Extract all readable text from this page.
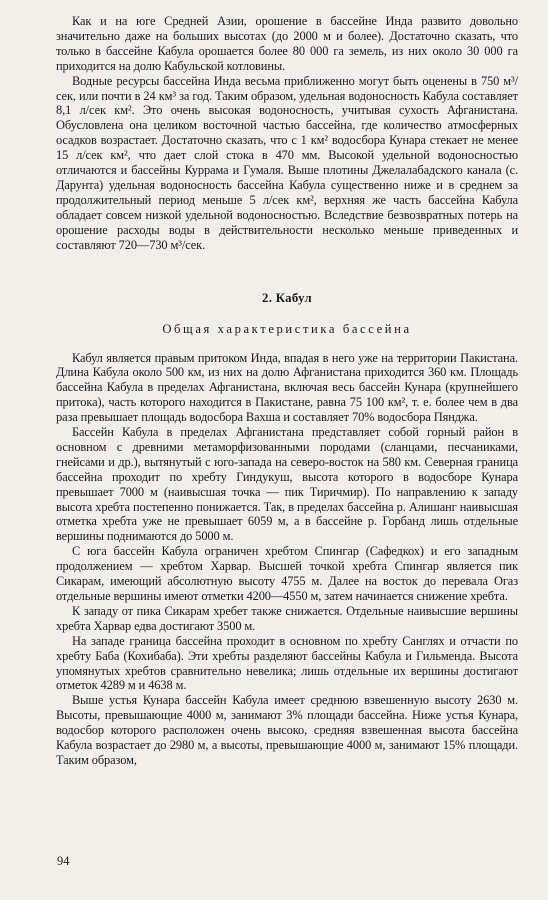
Как и на юге Средней Азии, орошение в бассейне Инда развито довольно значительно даже на больших высотах (до 2000 м и более). Достаточно сказать, что только в бассейне Кабула орошается более 80 000 га земель, из них около 30 000 га приходится на долю Кабульской котловины.

Водные ресурсы бассейна Инда весьма приближенно могут быть оценены в 750 м³/сек, или почти в 24 км³ за год. Таким образом, удельная водоносность Кабула составляет 8,1 л/сек км². Это очень высокая водоносность, учитывая сухость Афганистана. Обусловлена она целиком восточной частью бассейна, где количество атмосферных осадков возрастает. Достаточно сказать, что с 1 км² водосбора Кунара стекает не менее 15 л/сек км², что дает слой стока в 470 мм. Высокой удельной водоносностью отличаются и бассейны Куррама и Гумаля. Выше плотины Джелалабадского канала (с. Дарунта) удельная водоносность бассейна Кабула существенно ниже и в среднем за продолжительный период меньше 5 л/сек км², верхняя же часть бассейна Кабула обладает совсем низкой удельной водоносностью. Вследствие безвозвратных потерь на орошение расходы воды в действительности несколько меньше приведенных и составляют 720—730 м³/сек.

2. Кабул
Общая характеристика бассейна

Кабул является правым притоком Инда, впадая в него уже на территории Пакистана. Длина Кабула около 500 км, из них на долю Афганистана приходится 360 км. Площадь бассейна Кабула в пределах Афганистана, включая весь бассейн Кунара (крупнейшего притока), часть которого находится в Пакистане, равна 75 100 км², т. е. более чем в два раза превышает площадь водосбора Вахша и составляет 70% водосбора Пянджа.

Бассейн Кабула в пределах Афганистана представляет собой горный район в основном с древними метаморфизованными породами (сланцами, песчаниками, гнейсами и др.), вытянутый с юго-запада на северо-восток на 580 км. Северная граница бассейна проходит по хребту Гиндукуш, высота которого в водосборе Кунара превышает 7000 м (наивысшая точка — пик Тиричмир). По направлению к западу высота хребта постепенно понижается. Так, в пределах бассейна р. Алишанг наивысшая отметка хребта уже не превышает 6059 м, а в бассейне р. Горбанд лишь отдельные вершины поднимаются до 5000 м.

С юга бассейн Кабула ограничен хребтом Спингар (Сафедкох) и его западным продолжением — хребтом Харвар. Высшей точкой хребта Спингар является пик Сикарам, имеющий абсолютную высоту 4755 м. Далее на восток до перевала Огаз отдельные вершины имеют отметки 4200—4550 м, затем начинается снижение хребта.

К западу от пика Сикарам хребет также снижается. Отдельные наивысшие вершины хребта Харвар едва достигают 3500 м.

На западе граница бассейна проходит в основном по хребту Санглях и отчасти по хребту Баба (Кохибаба). Эти хребты разделяют бассейны Кабула и Гильменда. Высота упомянутых хребтов сравнительно невелика; лишь отдельные их вершины достигают отметок 4289 м и 4638 м.

Выше устья Кунара бассейн Кабула имеет среднюю взвешенную высоту 2630 м. Высоты, превышающие 4000 м, занимают 3% площади бассейна. Ниже устья Кунара, водосбор которого расположен очень высоко, средняя взвешенная высота бассейна Кабула возрастает до 2980 м, а высоты, превышающие 4000 м, занимают 15% площади. Таким образом,

94
